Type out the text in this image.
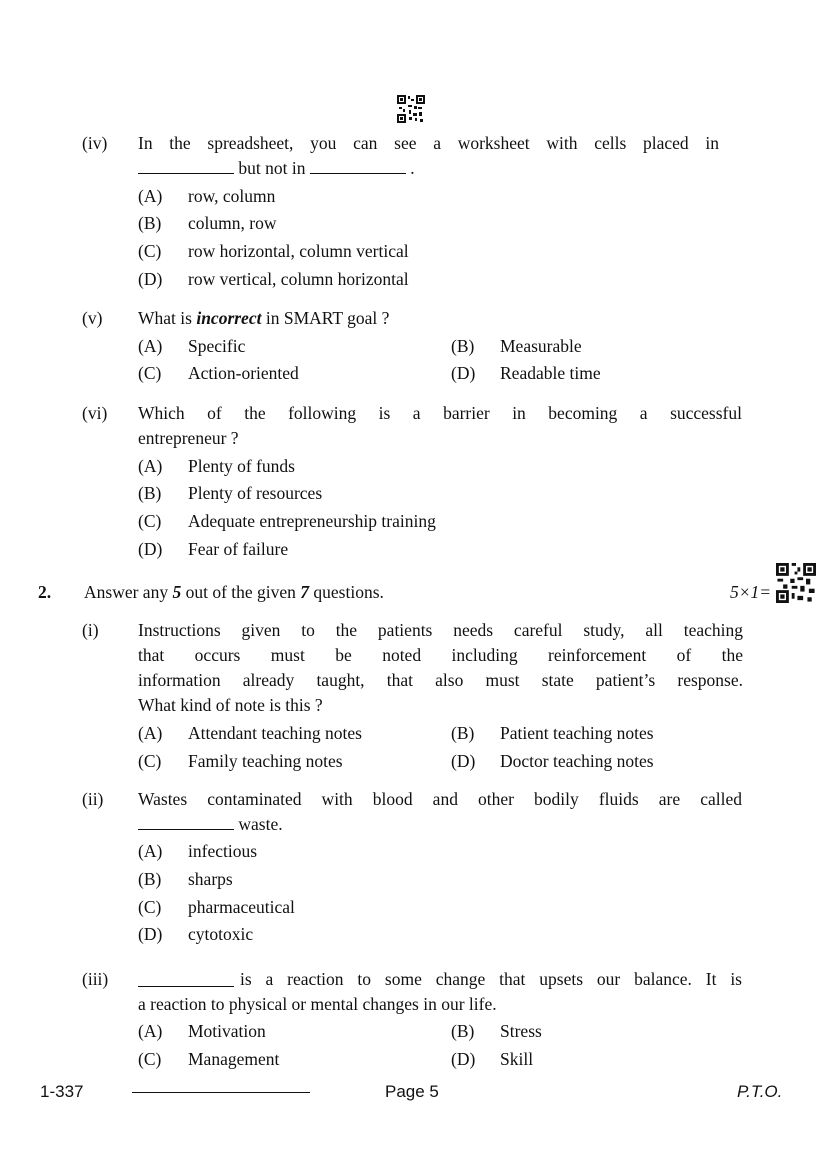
(iv) In the spreadsheet, you can see a worksheet with cells placed in
but not in	.
(A) row, column
(B) column, row
(C) row horizontal, column vertical
(D) row vertical, column horizontal
(v) What is incorrect in SMART goal ?
(A) Specific	(B) Measurable
(C) Action-oriented	(D) Readable time
(vi) Which of the following is a barrier in becoming a successful
entrepreneur ?
(A) Plenty of funds
(B) Plenty of resources
(C) Adequate entrepreneurship training
(D) Fear of failure
2. Answer any 5 out of the given 7 questions.	5×1=
(i) Instructions given to the patients needs careful study, all teaching
that occurs must be noted including reinforcement of the
information already taught, that also must state patient’s response.
What kind of note is this ?
(A) Attendant teaching notes	(B) Patient teaching notes
(C) Family teaching notes	(D) Doctor teaching notes
(ii) Wastes contaminated with blood and other bodily fluids are called
waste.
(A) infectious
(B) sharps
(C) pharmaceutical
(D) cytotoxic
(iii)	is a reaction to some change that upsets our balance. It is
a reaction to physical or mental changes in our life.
(A) Motivation	(B) Stress
(C) Management	(D) Skill
1-337	Page 5	P.T.O.
